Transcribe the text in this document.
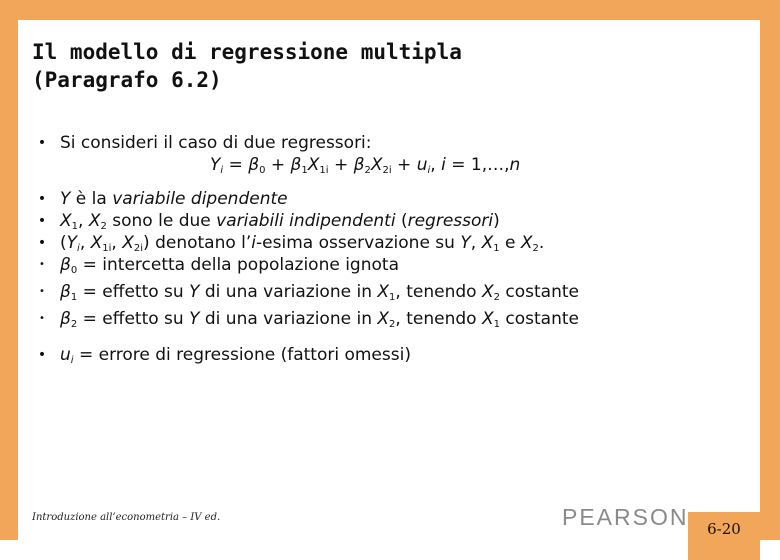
Il modello di regressione multipla
(Paragrafo 6.2)
• Si consideri il caso di due regressori:
$Y_i = \beta_0 + \beta_1X_{1i} + \beta_2X_{2i} + u_i$, i = 1,…,n
• Y è la variabile dipendente
• $X_1$, $X_2$ sono le due variabili indipendenti (regressori)
• ($Y_i$, $X_{1i}$, $X_{2i}$) denotano l’i-esima osservazione su Y, $X_1$ e $X_2$.
• $\beta_0$ = intercetta della popolazione ignota
• $\beta_1$ = effetto su Y di una variazione in $X_1$, tenendo $X_2$ costante
• $\beta_2$ = effetto su Y di una variazione in $X_2$, tenendo $X_1$ costante
• $u_i$ = errore di regressione (fattori omessi)
Introduzione all’econometria – IV ed.	PEARSON	6-20
